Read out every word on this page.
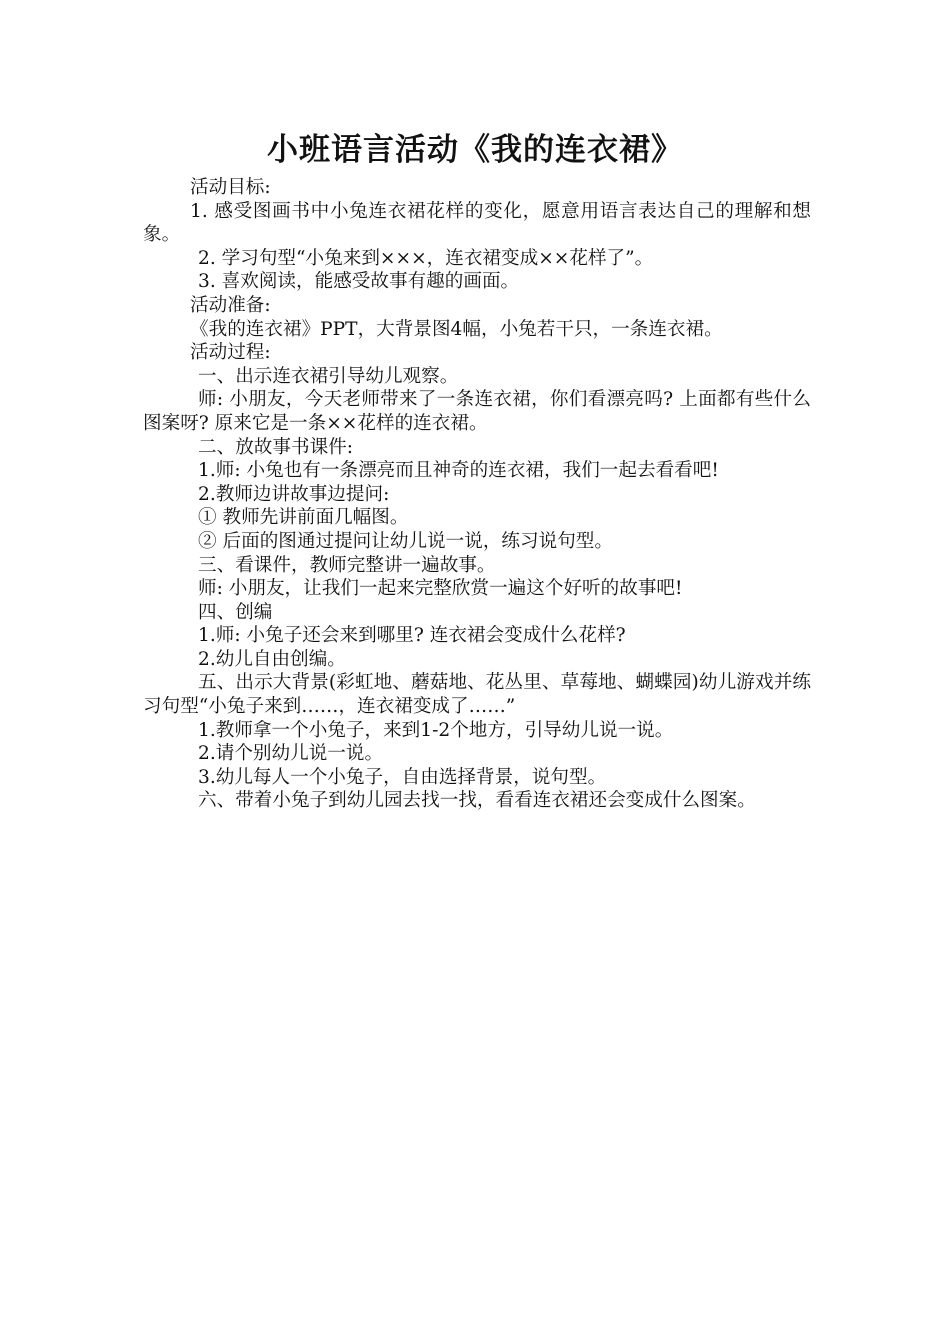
小班语言活动《我的连衣裙》

活动目标:

1. 感受图画书中小兔连衣裙花样的变化，愿意用语言表达自己的理解和想象。

2. 学习句型“小兔来到×××，连衣裙变成××花样了”。

3. 喜欢阅读，能感受故事有趣的画面。

活动准备:

《我的连衣裙》PPT，大背景图4幅，小兔若干只，一条连衣裙。

活动过程:

一、出示连衣裙引导幼儿观察。

师: 小朋友，今天老师带来了一条连衣裙，你们看漂亮吗? 上面都有些什么图案呀? 原来它是一条××花样的连衣裙。

二、放故事书课件:

1.师: 小兔也有一条漂亮而且神奇的连衣裙，我们一起去看看吧!

2.教师边讲故事边提问:

① 教师先讲前面几幅图。

② 后面的图通过提问让幼儿说一说，练习说句型。

三、看课件，教师完整讲一遍故事。

师: 小朋友，让我们一起来完整欣赏一遍这个好听的故事吧!

四、创编

1.师: 小兔子还会来到哪里? 连衣裙会变成什么花样?

2.幼儿自由创编。

五、出示大背景(彩虹地、蘑菇地、花丛里、草莓地、蝴蝶园)幼儿游戏并练习句型“小兔子来到……，连衣裙变成了……”

1.教师拿一个小兔子，来到1-2个地方，引导幼儿说一说。

2.请个别幼儿说一说。

3.幼儿每人一个小兔子，自由选择背景，说句型。

六、带着小兔子到幼儿园去找一找，看看连衣裙还会变成什么图案。
